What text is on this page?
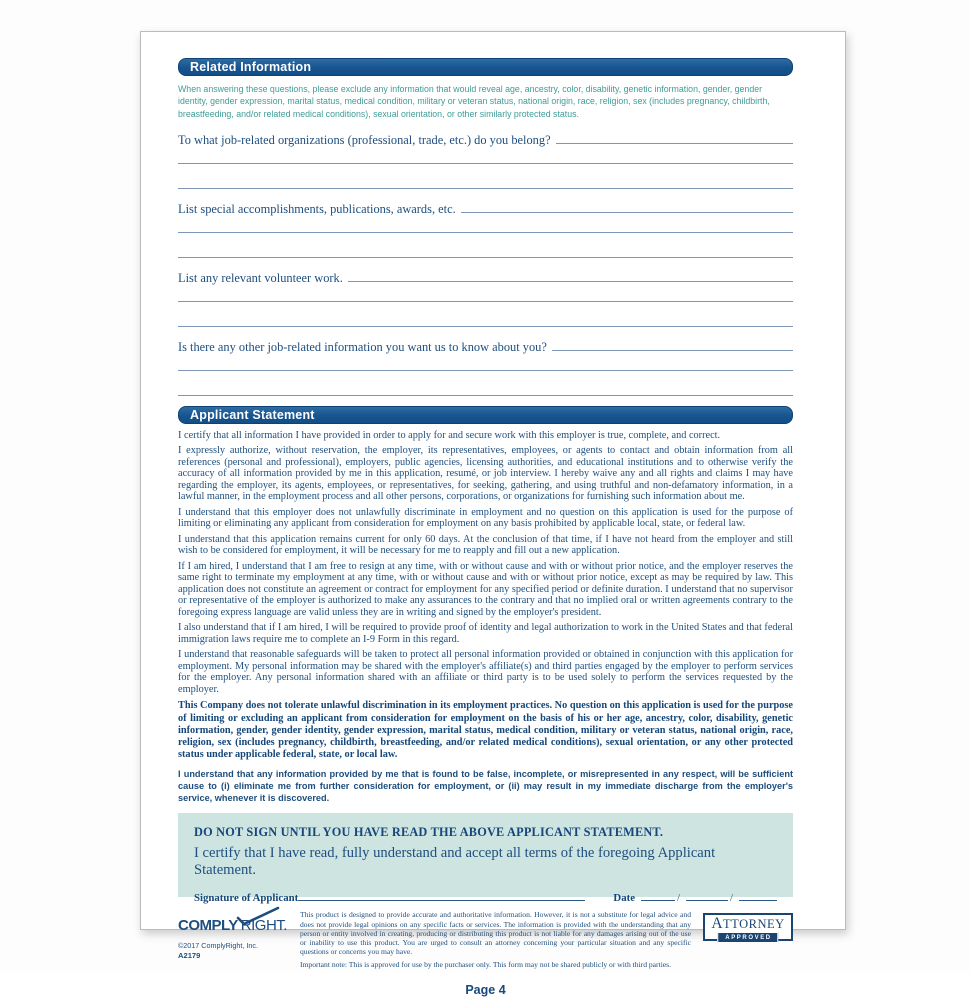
Related Information

When answering these questions, please exclude any information that would reveal age, ancestry, color, disability, genetic information, gender, gender identity, gender expression, marital status, medical condition, military or veteran status, national origin, race, religion, sex (includes pregnancy, childbirth, breastfeeding, and/or related medical conditions), sexual orientation, or other similarly protected status.

To what job-related organizations (professional, trade, etc.) do you belong?
List special accomplishments, publications, awards, etc.
List any relevant volunteer work.
Is there any other job-related information you want us to know about you?
Applicant Statement

I certify that all information I have provided in order to apply for and secure work with this employer is true, complete, and correct.

I expressly authorize, without reservation, the employer, its representatives, employees, or agents to contact and obtain information from all references (personal and professional), employers, public agencies, licensing authorities, and educational institutions and to otherwise verify the accuracy of all information provided by me in this application, resumé, or job interview. I hereby waive any and all rights and claims I may have regarding the employer, its agents, employees, or representatives, for seeking, gathering, and using truthful and non-defamatory information, in a lawful manner, in the employment process and all other persons, corporations, or organizations for furnishing such information about me.

I understand that this employer does not unlawfully discriminate in employment and no question on this application is used for the purpose of limiting or eliminating any applicant from consideration for employment on any basis prohibited by applicable local, state, or federal law.

I understand that this application remains current for only 60 days. At the conclusion of that time, if I have not heard from the employer and still wish to be considered for employment, it will be necessary for me to reapply and fill out a new application.

If I am hired, I understand that I am free to resign at any time, with or without cause and with or without prior notice, and the employer reserves the same right to terminate my employment at any time, with or without cause and with or without prior notice, except as may be required by law. This application does not constitute an agreement or contract for employment for any specified period or definite duration. I understand that no supervisor or representative of the employer is authorized to make any assurances to the contrary and that no implied oral or written agreements contrary to the foregoing express language are valid unless they are in writing and signed by the employer's president.

I also understand that if I am hired, I will be required to provide proof of identity and legal authorization to work in the United States and that federal immigration laws require me to complete an I-9 Form in this regard.

I understand that reasonable safeguards will be taken to protect all personal information provided or obtained in conjunction with this application for employment. My personal information may be shared with the employer's affiliate(s) and third parties engaged by the employer to perform services for the employer. Any personal information shared with an affiliate or third party is to be used solely to perform the services requested by the employer.

This Company does not tolerate unlawful discrimination in its employment practices. No question on this application is used for the purpose of limiting or excluding an applicant from consideration for employment on the basis of his or her age, ancestry, color, disability, genetic information, gender, gender identity, gender expression, marital status, medical condition, military or veteran status, national origin, race, religion, sex (includes pregnancy, childbirth, breastfeeding, and/or related medical conditions), sexual orientation, or any other protected status under applicable federal, state, or local law.

I understand that any information provided by me that is found to be false, incomplete, or misrepresented in any respect, will be sufficient cause to (i) eliminate me from further consideration for employment, or (ii) may result in my immediate discharge from the employer's service, whenever it is discovered.

DO NOT SIGN UNTIL YOU HAVE READ THE ABOVE APPLICANT STATEMENT.
I certify that I have read, fully understand and accept all terms of the foregoing Applicant Statement.
Signature of Applicant	Date	/	/
COMPLY RIGHT.
©2017 ComplyRight, Inc.
A2179

This product is designed to provide accurate and authoritative information. However, it is not a substitute for legal advice and does not provide legal opinions on any specific facts or services. The information is provided with the understanding that any person or entity involved in creating, producing or distributing this product is not liable for any damages arising out of the use or inability to use this product. You are urged to consult an attorney concerning your particular situation and any specific questions or concerns you may have.

Important note: This is approved for use by the purchaser only. This form may not be shared publicly or with third parties.

ATTORNEY
APPROVED
Page 4
